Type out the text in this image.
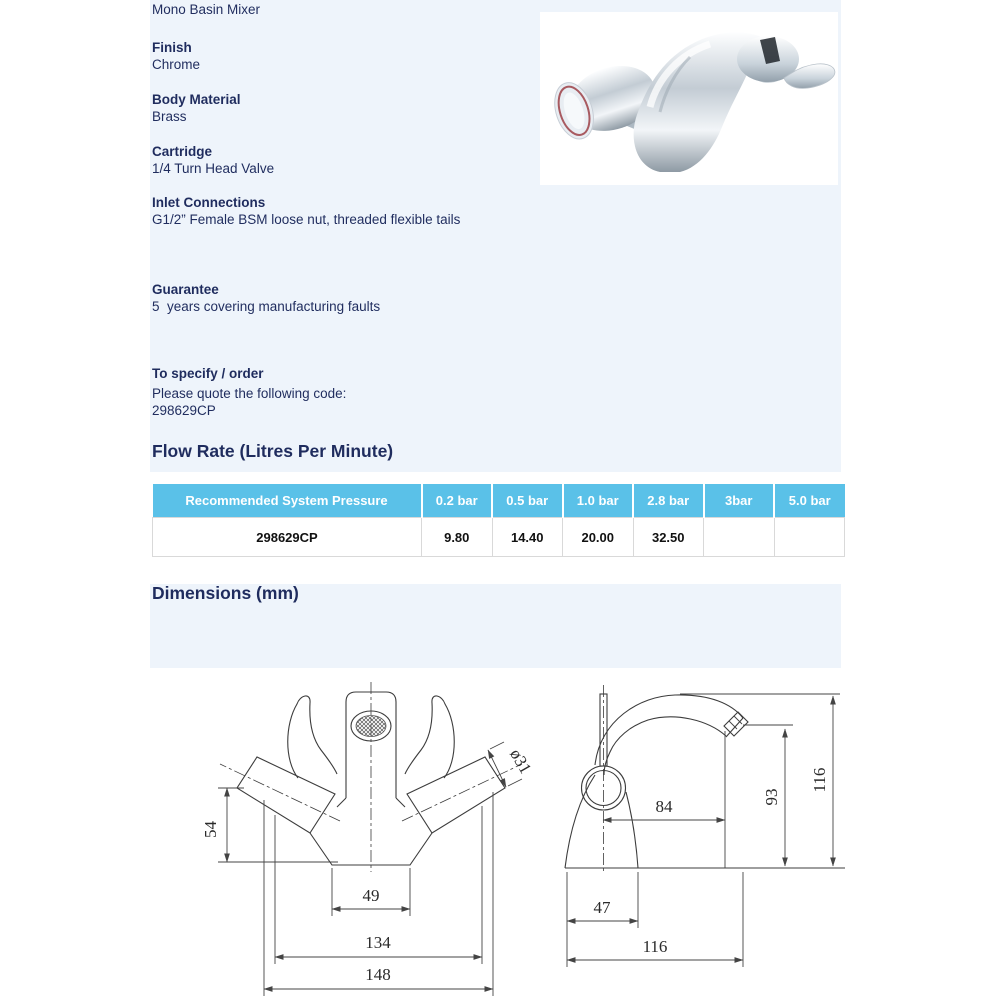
Mono Basin Mixer
Finish
Chrome
Body Material
Brass
Cartridge
1/4 Turn Head Valve
Inlet Connections
G1/2” Female BSM loose nut, threaded flexible tails
Guarantee
5  years covering manufacturing faults
To specify / order
Please quote the following code:
298629CP
Flow Rate (Litres Per Minute)
Recommended System Pressure	0.2 bar	0.5 bar	1.0 bar	2.8 bar	3bar	5.0 bar
298629CP	9.80	14.40	20.00	32.50		
Dimensions (mm)
54
ø31
49
134
148
84	93
116
47
116
